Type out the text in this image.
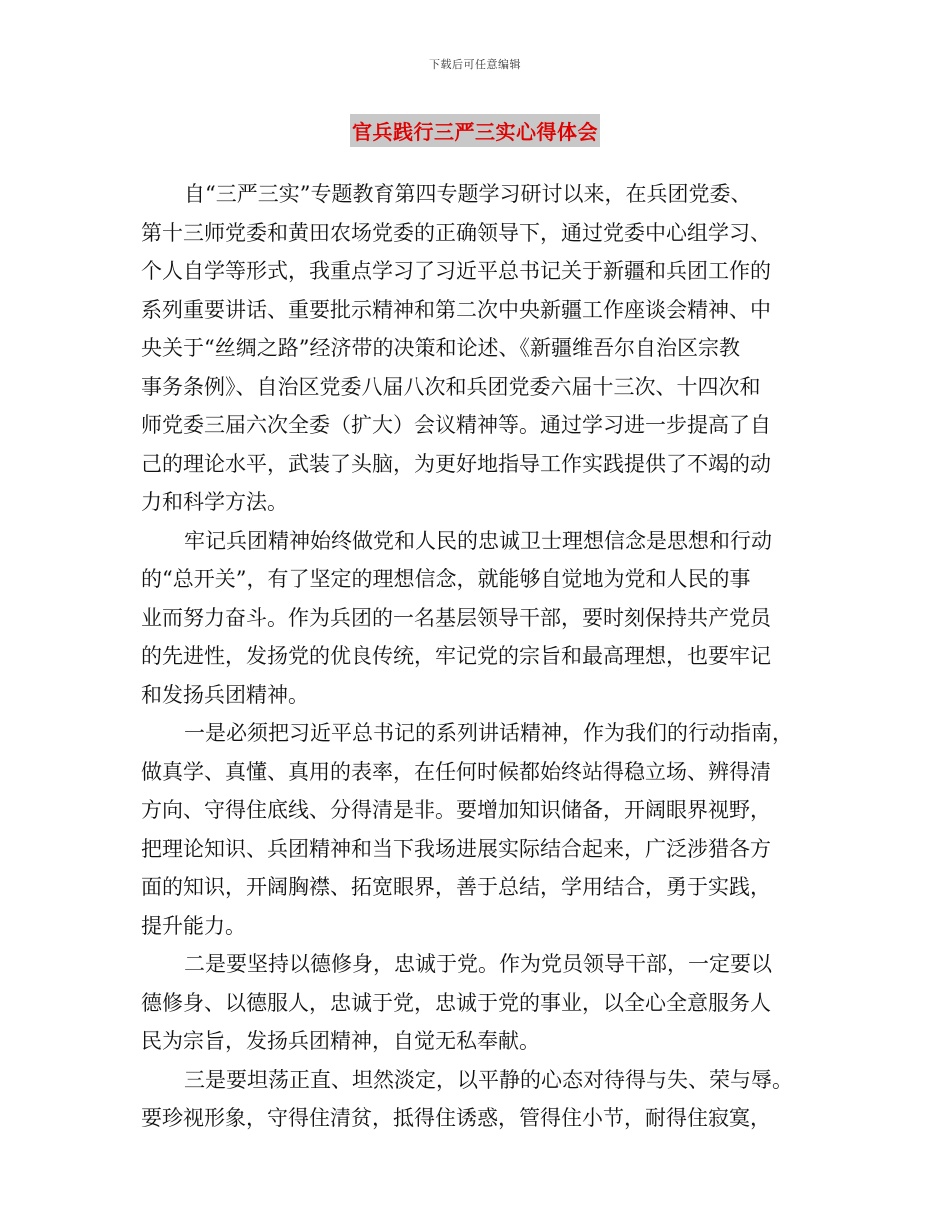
下载后可任意编辑
官兵践行三严三实心得体会
自“三严三实”专题教育第四专题学习研讨以来，在兵团党委、
第十三师党委和黄田农场党委的正确领导下，通过党委中心组学习、
个人自学等形式，我重点学习了习近平总书记关于新疆和兵团工作的
系列重要讲话、重要批示精神和第二次中央新疆工作座谈会精神、中
央关于“丝绸之路”经济带的决策和论述、《新疆维吾尔自治区宗教
事务条例》、自治区党委八届八次和兵团党委六届十三次、十四次和
师党委三届六次全委（扩大）会议精神等。通过学习进一步提高了自
己的理论水平，武装了头脑，为更好地指导工作实践提供了不竭的动
力和科学方法。
牢记兵团精神始终做党和人民的忠诚卫士理想信念是思想和行动
的“总开关”，有了坚定的理想信念，就能够自觉地为党和人民的事
业而努力奋斗。作为兵团的一名基层领导干部，要时刻保持共产党员
的先进性，发扬党的优良传统，牢记党的宗旨和最高理想，也要牢记
和发扬兵团精神。
一是必须把习近平总书记的系列讲话精神，作为我们的行动指南，
做真学、真懂、真用的表率，在任何时候都始终站得稳立场、辨得清
方向、守得住底线、分得清是非。要增加知识储备，开阔眼界视野，
把理论知识、兵团精神和当下我场进展实际结合起来，广泛涉猎各方
面的知识，开阔胸襟、拓宽眼界，善于总结，学用结合，勇于实践，
提升能力。
二是要坚持以德修身，忠诚于党。作为党员领导干部，一定要以
德修身、以德服人，忠诚于党，忠诚于党的事业，以全心全意服务人
民为宗旨，发扬兵团精神，自觉无私奉献。
三是要坦荡正直、坦然淡定，以平静的心态对待得与失、荣与辱。
要珍视形象，守得住清贫，抵得住诱惑，管得住小节，耐得住寂寞，
